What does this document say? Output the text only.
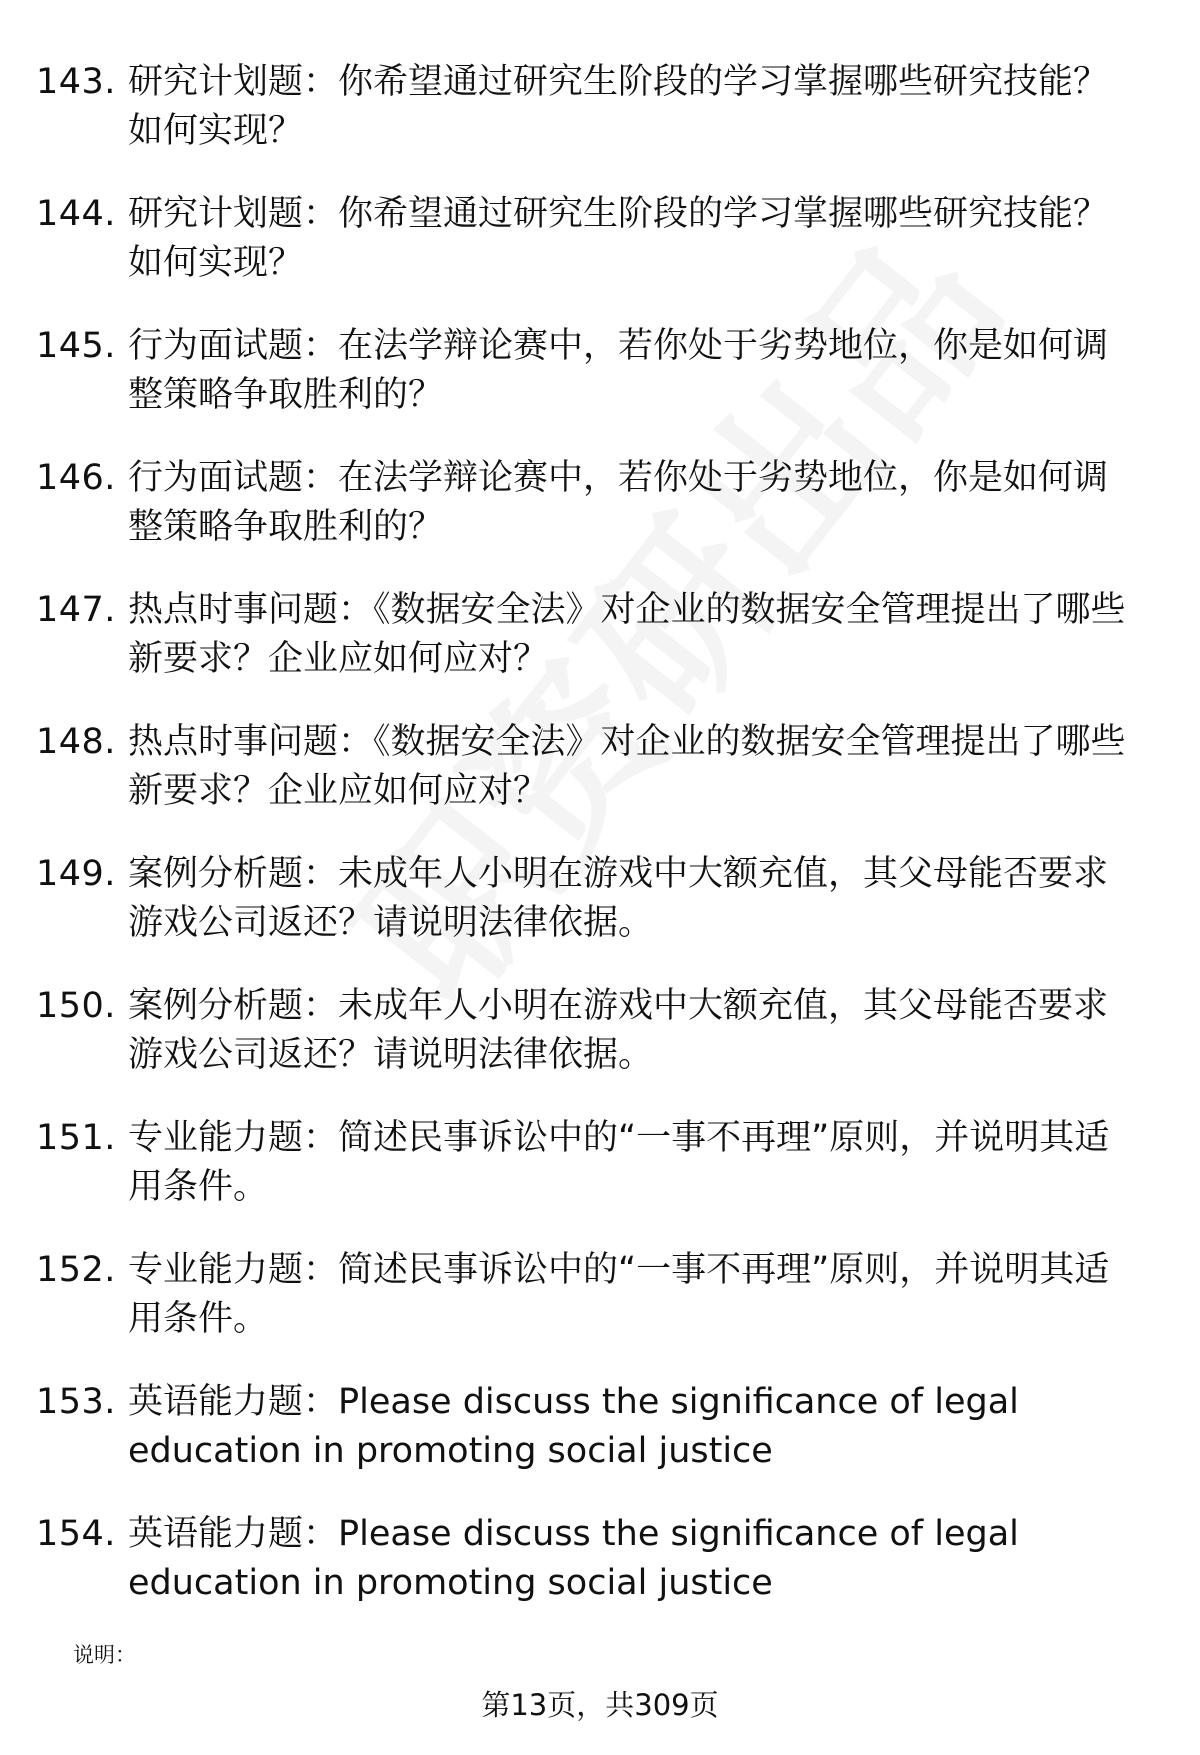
143. 研究计划题：你希望通过研究生阶段的学习掌握哪些研究技能？如何实现？
144. 研究计划题：你希望通过研究生阶段的学习掌握哪些研究技能？如何实现？
145. 行为面试题：在法学辩论赛中，若你处于劣势地位，你是如何调整策略争取胜利的？
146. 行为面试题：在法学辩论赛中，若你处于劣势地位，你是如何调整策略争取胜利的？
147. 热点时事问题：《数据安全法》对企业的数据安全管理提出了哪些新要求？企业应如何应对？
148. 热点时事问题：《数据安全法》对企业的数据安全管理提出了哪些新要求？企业应如何应对？
149. 案例分析题：未成年人小明在游戏中大额充值，其父母能否要求游戏公司返还？请说明法律依据。
150. 案例分析题：未成年人小明在游戏中大额充值，其父母能否要求游戏公司返还？请说明法律依据。
151. 专业能力题：简述民事诉讼中的“一事不再理”原则，并说明其适用条件。
152. 专业能力题：简述民事诉讼中的“一事不再理”原则，并说明其适用条件。
153. 英语能力题：Please discuss the significance of legal education in promoting social justice
154. 英语能力题：Please discuss the significance of legal education in promoting social justice
说明：
第13页，共309页
